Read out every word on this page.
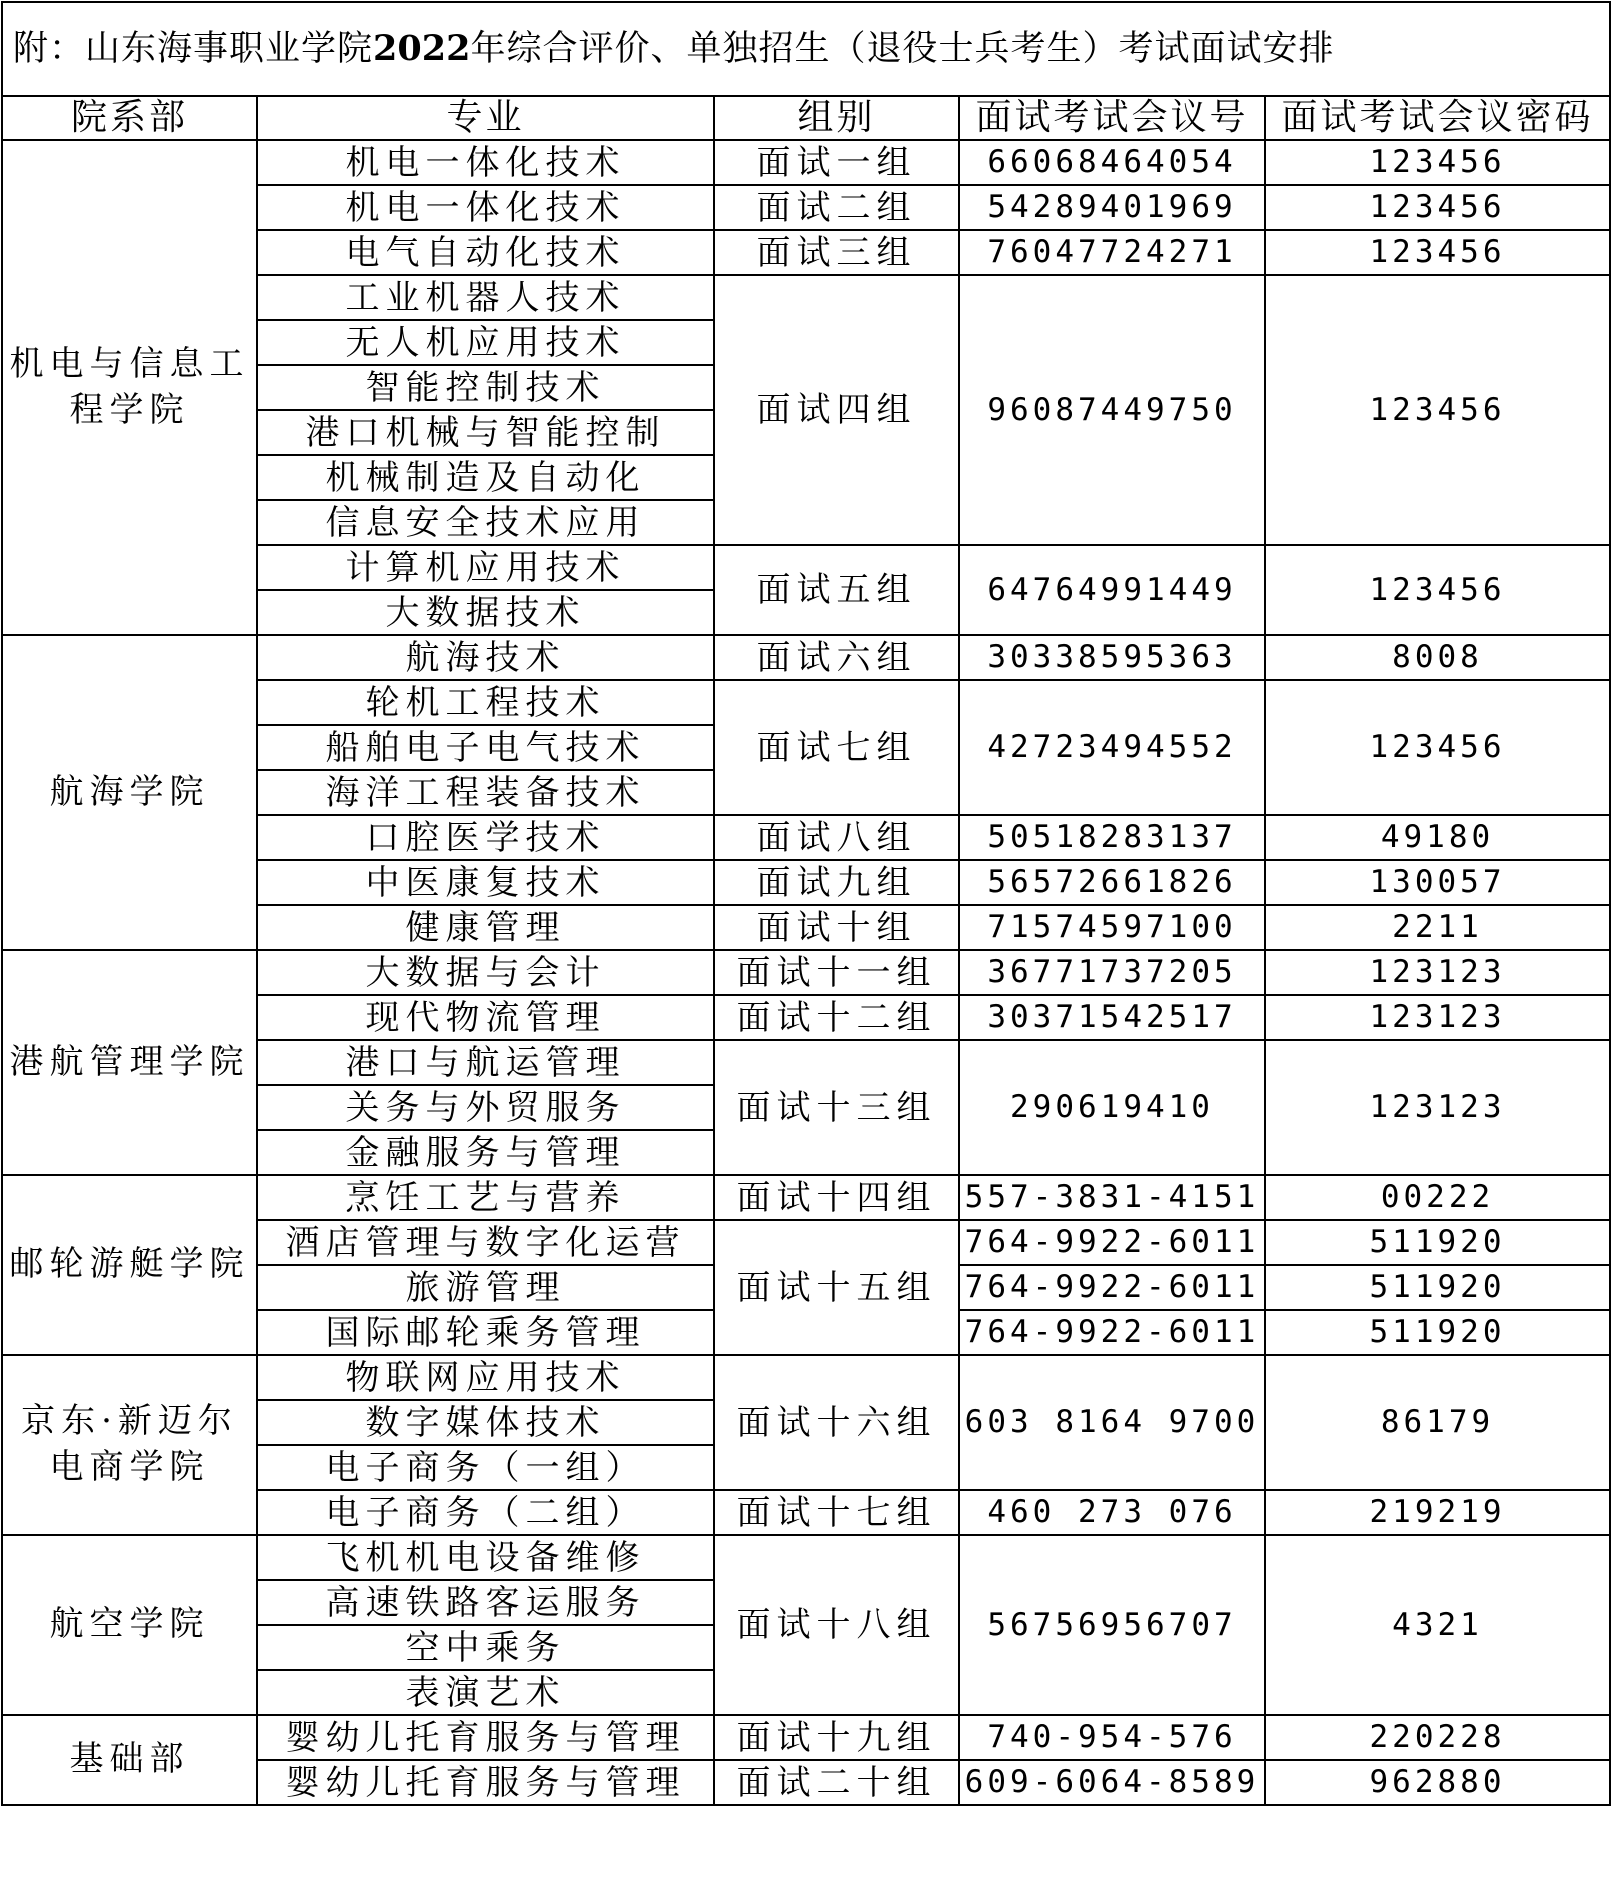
附：山东海事职业学院2022年综合评价、单独招生（退役士兵考生）考试面试安排				
院系部	专业	组别	面试考试会议号	面试考试会议密码
机电与信息工程学院	机电一体化技术	面试一组	66068464054	123456
	机电一体化技术	面试二组	54289401969	123456
	电气自动化技术	面试三组	76047724271	123456
	工业机器人技术	面试四组	96087449750	123456
	无人机应用技术			
	智能控制技术			
	港口机械与智能控制			
	机械制造及自动化			
	信息安全技术应用			
	计算机应用技术	面试五组	64764991449	123456
	大数据技术			
航海学院	航海技术	面试六组	30338595363	8008
	轮机工程技术	面试七组	42723494552	123456
	船舶电子电气技术			
	海洋工程装备技术			
	口腔医学技术	面试八组	50518283137	49180
	中医康复技术	面试九组	56572661826	130057
	健康管理	面试十组	71574597100	2211
港航管理学院	大数据与会计	面试十一组	36771737205	123123
	现代物流管理	面试十二组	30371542517	123123
	港口与航运管理	面试十三组	290619410	123123
	关务与外贸服务			
	金融服务与管理			
邮轮游艇学院	烹饪工艺与营养	面试十四组	557-3831-4151	00222
	酒店管理与数字化运营	面试十五组	764-9922-6011	511920
	旅游管理		764-9922-6011	511920
	国际邮轮乘务管理		764-9922-6011	511920
京东·新迈尔电商学院	物联网应用技术	面试十六组	603 8164 9700	86179
	数字媒体技术			
	电子商务（一组）			
	电子商务（二组）	面试十七组	460 273 076	219219
航空学院	飞机机电设备维修	面试十八组	56756956707	4321
	高速铁路客运服务			
	空中乘务			
	表演艺术			
基础部	婴幼儿托育服务与管理	面试十九组	740-954-576	220228
	婴幼儿托育服务与管理	面试二十组	609-6064-8589	962880
